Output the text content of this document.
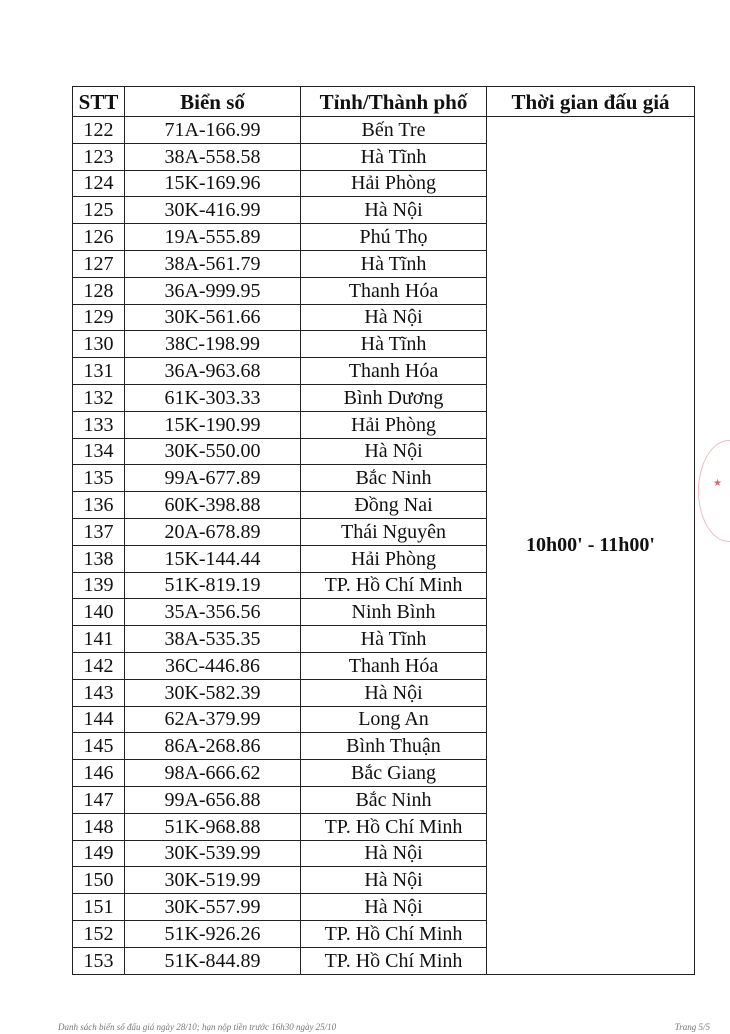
STT	Biển số	Tỉnh/Thành phố	Thời gian đấu giá
122	71A-166.99	Bến Tre	10h00' - 11h00'
123	38A-558.58	Hà Tĩnh	
124	15K-169.96	Hải Phòng	
125	30K-416.99	Hà Nội	
126	19A-555.89	Phú Thọ	
127	38A-561.79	Hà Tĩnh	
128	36A-999.95	Thanh Hóa	
129	30K-561.66	Hà Nội	
130	38C-198.99	Hà Tĩnh	
131	36A-963.68	Thanh Hóa	
132	61K-303.33	Bình Dương	
133	15K-190.99	Hải Phòng	
134	30K-550.00	Hà Nội	
135	99A-677.89	Bắc Ninh	
136	60K-398.88	Đồng Nai	
137	20A-678.89	Thái Nguyên	
138	15K-144.44	Hải Phòng	
139	51K-819.19	TP. Hồ Chí Minh	
140	35A-356.56	Ninh Bình	
141	38A-535.35	Hà Tĩnh	
142	36C-446.86	Thanh Hóa	
143	30K-582.39	Hà Nội	
144	62A-379.99	Long An	
145	86A-268.86	Bình Thuận	
146	98A-666.62	Bắc Giang	
147	99A-656.88	Bắc Ninh	
148	51K-968.88	TP. Hồ Chí Minh	
149	30K-539.99	Hà Nội	
150	30K-519.99	Hà Nội	
151	30K-557.99	Hà Nội	
152	51K-926.26	TP. Hồ Chí Minh	
153	51K-844.89	TP. Hồ Chí Minh	
★
Danh sách biển số đấu giá ngày 28/10; hạn nộp tiền trước 16h30 ngày 25/10	Trang 5/5
